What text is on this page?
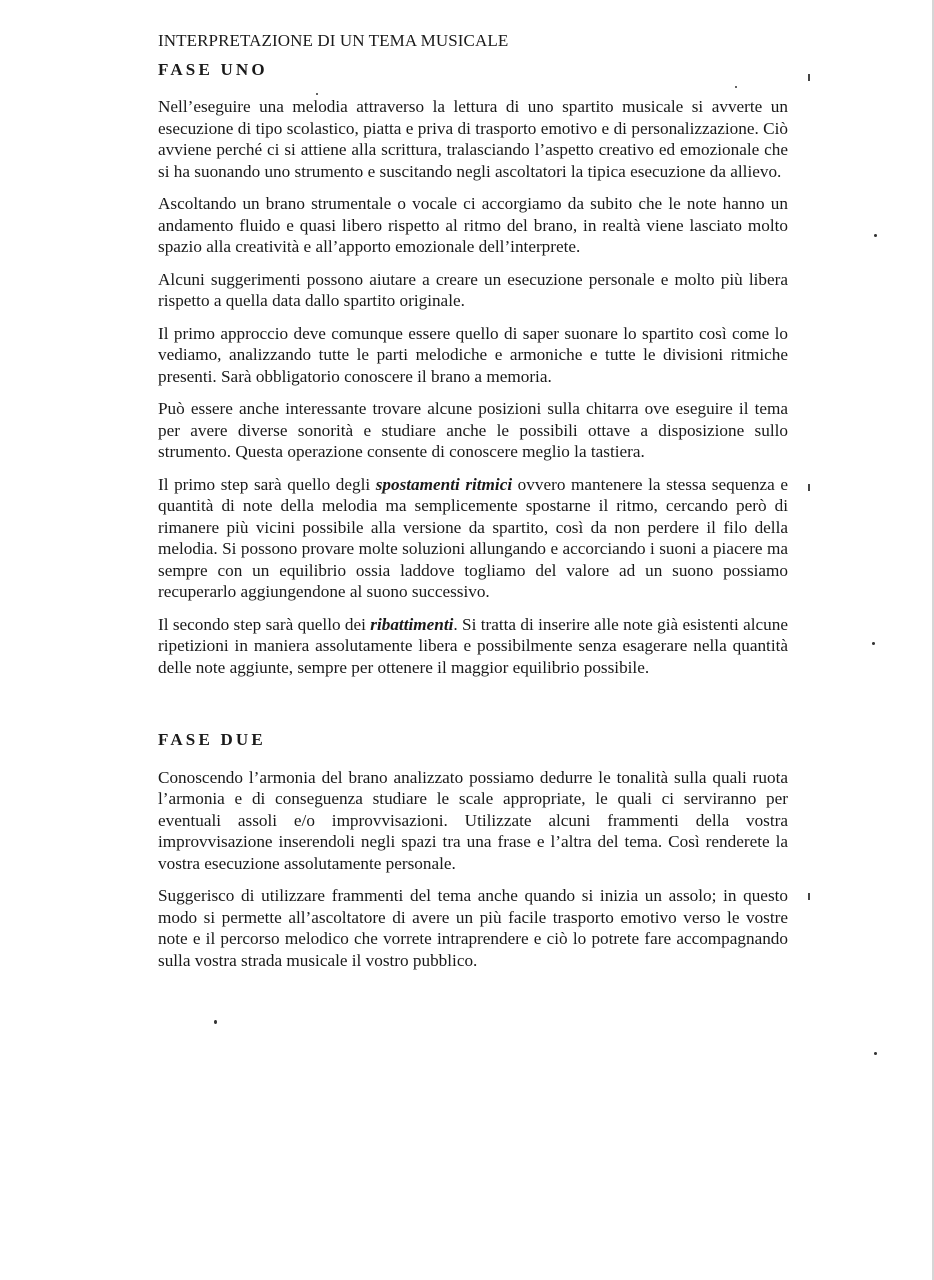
INTERPRETAZIONE DI UN TEMA MUSICALE
FASE UNO

Nell’eseguire una melodia attraverso la lettura di uno spartito musicale si avverte un esecuzione di tipo scolastico, piatta e priva di trasporto emotivo e di personalizzazione. Ciò avviene perché ci si attiene alla scrittura, tralasciando l’aspetto creativo ed emozionale che si ha suonando uno strumento e suscitando negli ascoltatori la tipica esecuzione da allievo.

Ascoltando un brano strumentale o vocale ci accorgiamo da subito che le note hanno un andamento fluido e quasi libero rispetto al ritmo del brano, in realtà viene lasciato molto spazio alla creatività e all’apporto emozionale dell’interprete.

Alcuni suggerimenti possono aiutare a creare un esecuzione personale e molto più libera rispetto a quella data dallo spartito originale.

Il primo approccio deve comunque essere quello di saper suonare lo spartito così come lo vediamo, analizzando tutte le parti melodiche e armoniche e tutte le divisioni ritmiche presenti. Sarà obbligatorio conoscere il brano a memoria.

Può essere anche interessante trovare alcune posizioni sulla chitarra ove eseguire il tema per avere diverse sonorità e studiare anche le possibili ottave a disposizione sullo strumento. Questa operazione consente di conoscere meglio la tastiera.

Il primo step sarà quello degli spostamenti ritmici ovvero mantenere la stessa sequenza e quantità di note della melodia ma semplicemente spostarne il ritmo, cercando però di rimanere più vicini possibile alla versione da spartito, così da non perdere il filo della melodia. Si possono provare molte soluzioni allungando e accorciando i suoni a piacere ma sempre con un equilibrio ossia laddove togliamo del valore ad un suono possiamo recuperarlo aggiungendone al suono successivo.

Il secondo step sarà quello dei ribattimenti. Si tratta di inserire alle note già esistenti alcune ripetizioni in maniera assolutamente libera e possibilmente senza esagerare nella quantità delle note aggiunte, sempre per ottenere il maggior equilibrio possibile.

FASE DUE

Conoscendo l’armonia del brano analizzato possiamo dedurre le tonalità sulla quali ruota l’armonia e di conseguenza studiare le scale appropriate, le quali ci serviranno per eventuali assoli e/o improvvisazioni. Utilizzate alcuni frammenti della vostra improvvisazione inserendoli negli spazi tra una frase e l’altra del tema. Così renderete la vostra esecuzione assolutamente personale.

Suggerisco di utilizzare frammenti del tema anche quando si inizia un assolo; in questo modo si permette all’ascoltatore di avere un più facile trasporto emotivo verso le vostre note e il percorso melodico che vorrete intraprendere e ciò lo potrete fare accompagnando sulla vostra strada musicale il vostro pubblico.
